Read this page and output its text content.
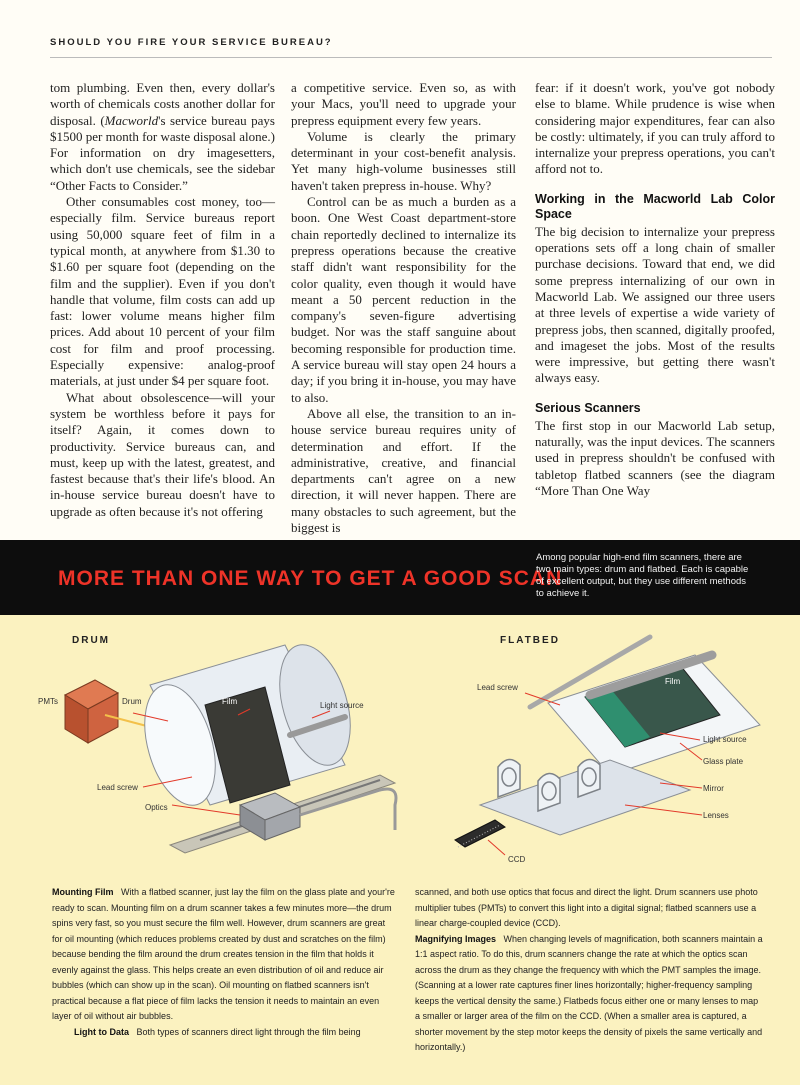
SHOULD YOU FIRE YOUR SERVICE BUREAU?

tom plumbing. Even then, every dollar's worth of chemicals costs another dollar for disposal. (Macworld's service bureau pays $1500 per month for waste disposal alone.) For information on dry imagesetters, which don't use chemicals, see the sidebar “Other Facts to Consider.”

Other consumables cost money, too—especially film. Service bureaus report using 50,000 square feet of film in a typical month, at anywhere from $1.30 to $1.60 per square foot (depending on the film and the supplier). Even if you don't handle that volume, film costs can add up fast: lower volume means higher film prices. Add about 10 percent of your film cost for film and proof processing. Especially expensive: analog-proof materials, at just under $4 per square foot.

What about obsolescence—will your system be worthless before it pays for itself? Again, it comes down to productivity. Service bureaus can, and must, keep up with the latest, greatest, and fastest because that's their life's blood. An in-house service bureau doesn't have to upgrade as often because it's not offering

a competitive service. Even so, as with your Macs, you'll need to upgrade your prepress equipment every few years.

Volume is clearly the primary determinant in your cost-benefit analysis. Yet many high-volume businesses still haven't taken prepress in-house. Why?

Control can be as much a burden as a boon. One West Coast department-store chain reportedly declined to internalize its prepress operations because the creative staff didn't want responsibility for the color quality, even though it would have meant a 50 percent reduction in the company's seven-figure advertising budget. Nor was the staff sanguine about becoming responsible for production time. A service bureau will stay open 24 hours a day; if you bring it in-house, you may have to also.

Above all else, the transition to an in-house service bureau requires unity of determination and effort. If the administrative, creative, and financial departments can't agree on a new direction, it will never happen. There are many obstacles to such agreement, but the biggest is

fear: if it doesn't work, you've got nobody else to blame. While prudence is wise when considering major expenditures, fear can also be costly: ultimately, if you can truly afford to internalize your prepress operations, you can't afford not to.

Working in the Macworld Lab Color Space

The big decision to internalize your prepress operations sets off a long chain of smaller purchase decisions. Toward that end, we did some prepress internalizing of our own in Macworld Lab. We assigned our three users at three levels of expertise a wide variety of prepress jobs, then scanned, digitally proofed, and imageset the jobs. Most of the results were impressive, but getting there wasn't always easy.

Serious Scanners

The first stop in our Macworld Lab setup, naturally, was the input devices. The scanners used in prepress shouldn't be confused with tabletop flatbed scanners (see the diagram “More Than One Way

MORE THAN ONE WAY TO GET A GOOD SCAN
Among popular high-end film scanners, there are two main types: drum and flatbed. Each is capable of excellent output, but they use different methods to achieve it.
DRUM
PMTs	Drum	Film	Light source
Lead screw
Optics
FLATBED
Lead screw
Film
Light source
Glass plate
Mirror
Lenses
CCD

Mounting Film With a flatbed scanner, just lay the film on the glass plate and your're ready to scan. Mounting film on a drum scanner takes a few minutes more—the drum spins very fast, so you must secure the film well. However, drum scanners are great for oil mounting (which reduces problems created by dust and scratches on the film) because bending the film around the drum creates tension in the film that holds it evenly against the glass. This helps create an even distribution of oil and reduce air bubbles (which can show up in the scan). Oil mounting on flatbed scanners isn't practical because a flat piece of film lacks the tension it needs to maintain an even layer of oil without air bubbles.

Light to Data Both types of scanners direct light through the film being

scanned, and both use optics that focus and direct the light. Drum scanners use photo multiplier tubes (PMTs) to convert this light into a digital signal; flatbed scanners use a linear charge-coupled device (CCD).

Magnifying Images When changing levels of magnification, both scanners maintain a 1:1 aspect ratio. To do this, drum scanners change the rate at which the optics scan across the drum as they change the frequency with which the PMT samples the image. (Scanning at a lower rate captures finer lines horizontally; higher-frequency sampling keeps the vertical density the same.) Flatbeds focus either one or many lenses to map a smaller or larger area of the film on the CCD. (When a smaller area is captured, a shorter movement by the step motor keeps the density of pixels the same vertically and horizontally.)
